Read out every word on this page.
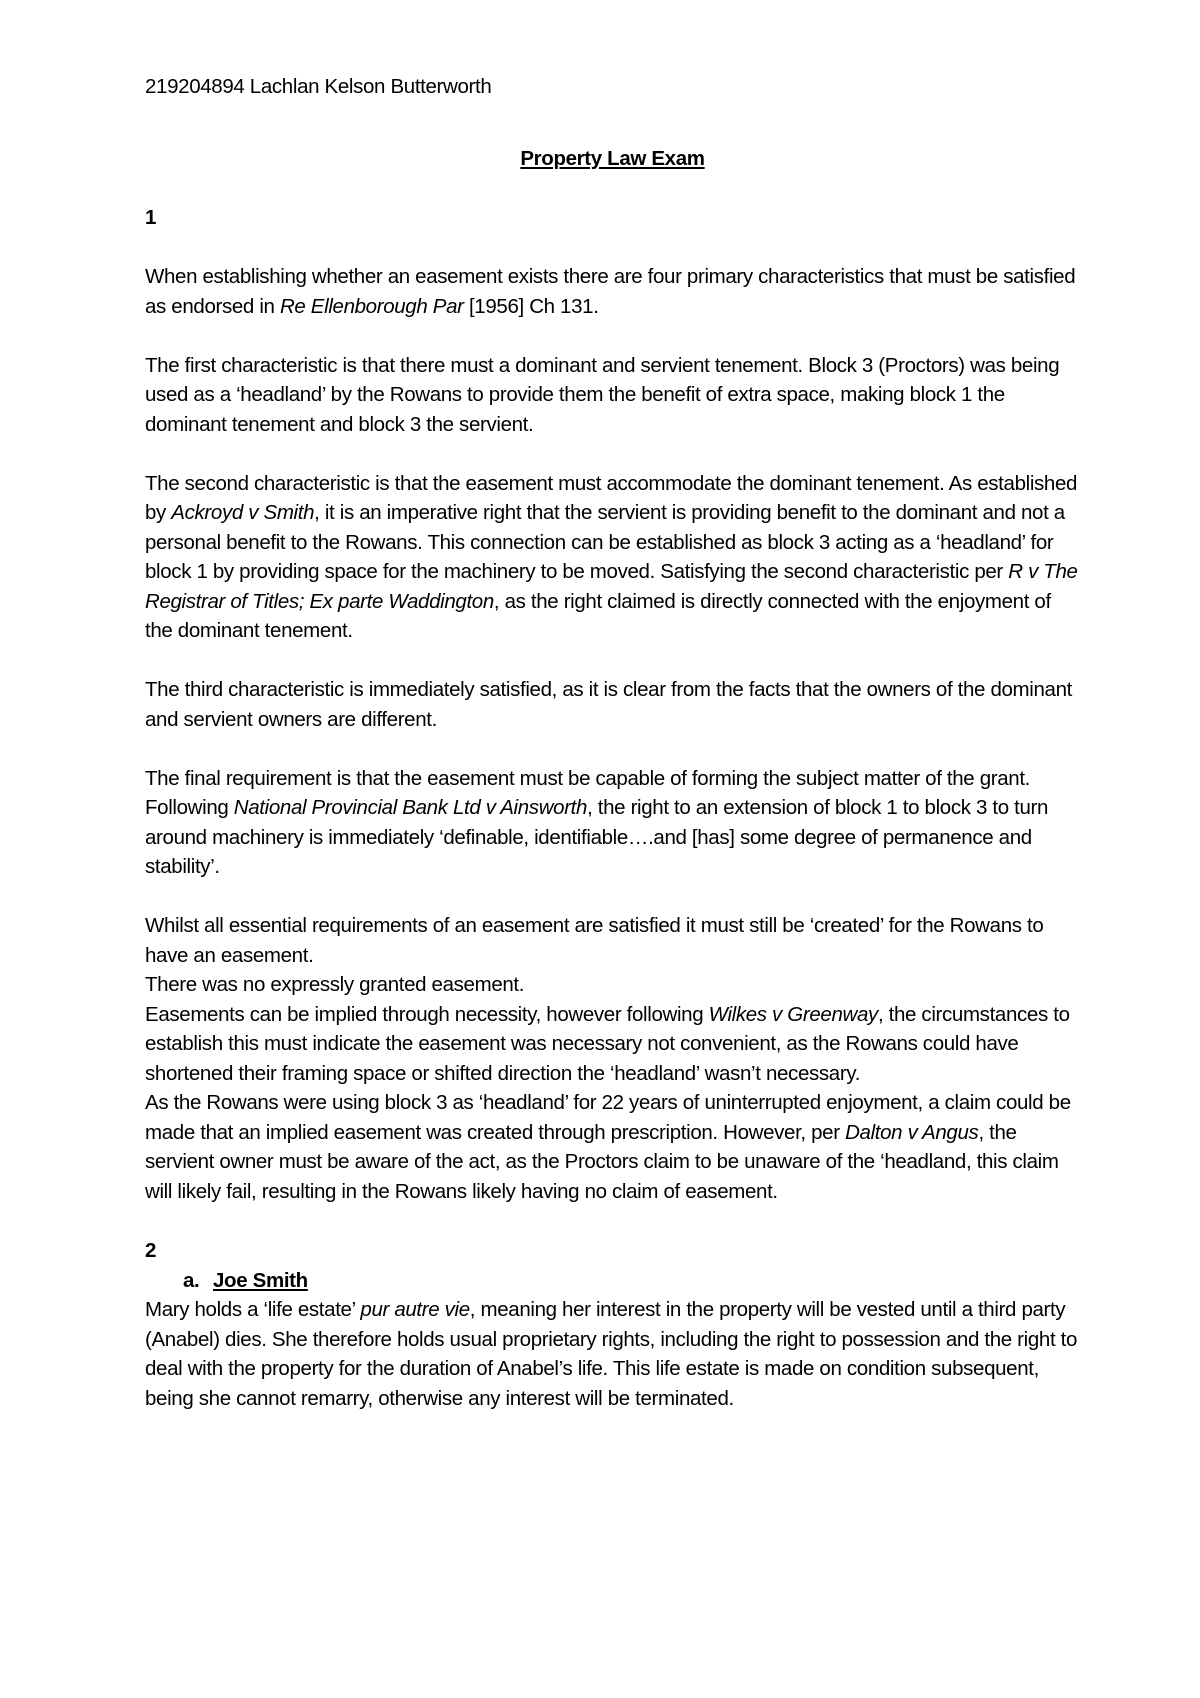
219204894 Lachlan Kelson Butterworth

Property Law Exam

1

When establishing whether an easement exists there are four primary characteristics that must be satisfied as endorsed in Re Ellenborough Par [1956] Ch 131.

The first characteristic is that there must a dominant and servient tenement. Block 3 (Proctors) was being used as a ‘headland’ by the Rowans to provide them the benefit of extra space, making block 1 the dominant tenement and block 3 the servient.

The second characteristic is that the easement must accommodate the dominant tenement. As established by Ackroyd v Smith, it is an imperative right that the servient is providing benefit to the dominant and not a personal benefit to the Rowans. This connection can be established as block 3 acting as a ‘headland’ for block 1 by providing space for the machinery to be moved. Satisfying the second characteristic per R v The Registrar of Titles; Ex parte Waddington, as the right claimed is directly connected with the enjoyment of the dominant tenement.

The third characteristic is immediately satisfied, as it is clear from the facts that the owners of the dominant and servient owners are different.

The final requirement is that the easement must be capable of forming the subject matter of the grant. Following National Provincial Bank Ltd v Ainsworth, the right to an extension of block 1 to block 3 to turn around machinery is immediately ‘definable, identifiable….and [has] some degree of permanence and stability’.

Whilst all essential requirements of an easement are satisfied it must still be ‘created’ for the Rowans to have an easement.

There was no expressly granted easement.

Easements can be implied through necessity, however following Wilkes v Greenway, the circumstances to establish this must indicate the easement was necessary not convenient, as the Rowans could have shortened their framing space or shifted direction the ‘headland’ wasn’t necessary.

As the Rowans were using block 3 as ‘headland’ for 22 years of uninterrupted enjoyment, a claim could be made that an implied easement was created through prescription. However, per Dalton v Angus, the servient owner must be aware of the act, as the Proctors claim to be unaware of the ‘headland, this claim will likely fail, resulting in the Rowans likely having no claim of easement.

2

a. Joe Smith

Mary holds a ‘life estate’ pur autre vie, meaning her interest in the property will be vested until a third party (Anabel) dies. She therefore holds usual proprietary rights, including the right to possession and the right to deal with the property for the duration of Anabel’s life. This life estate is made on condition subsequent, being she cannot remarry, otherwise any interest will be terminated.
